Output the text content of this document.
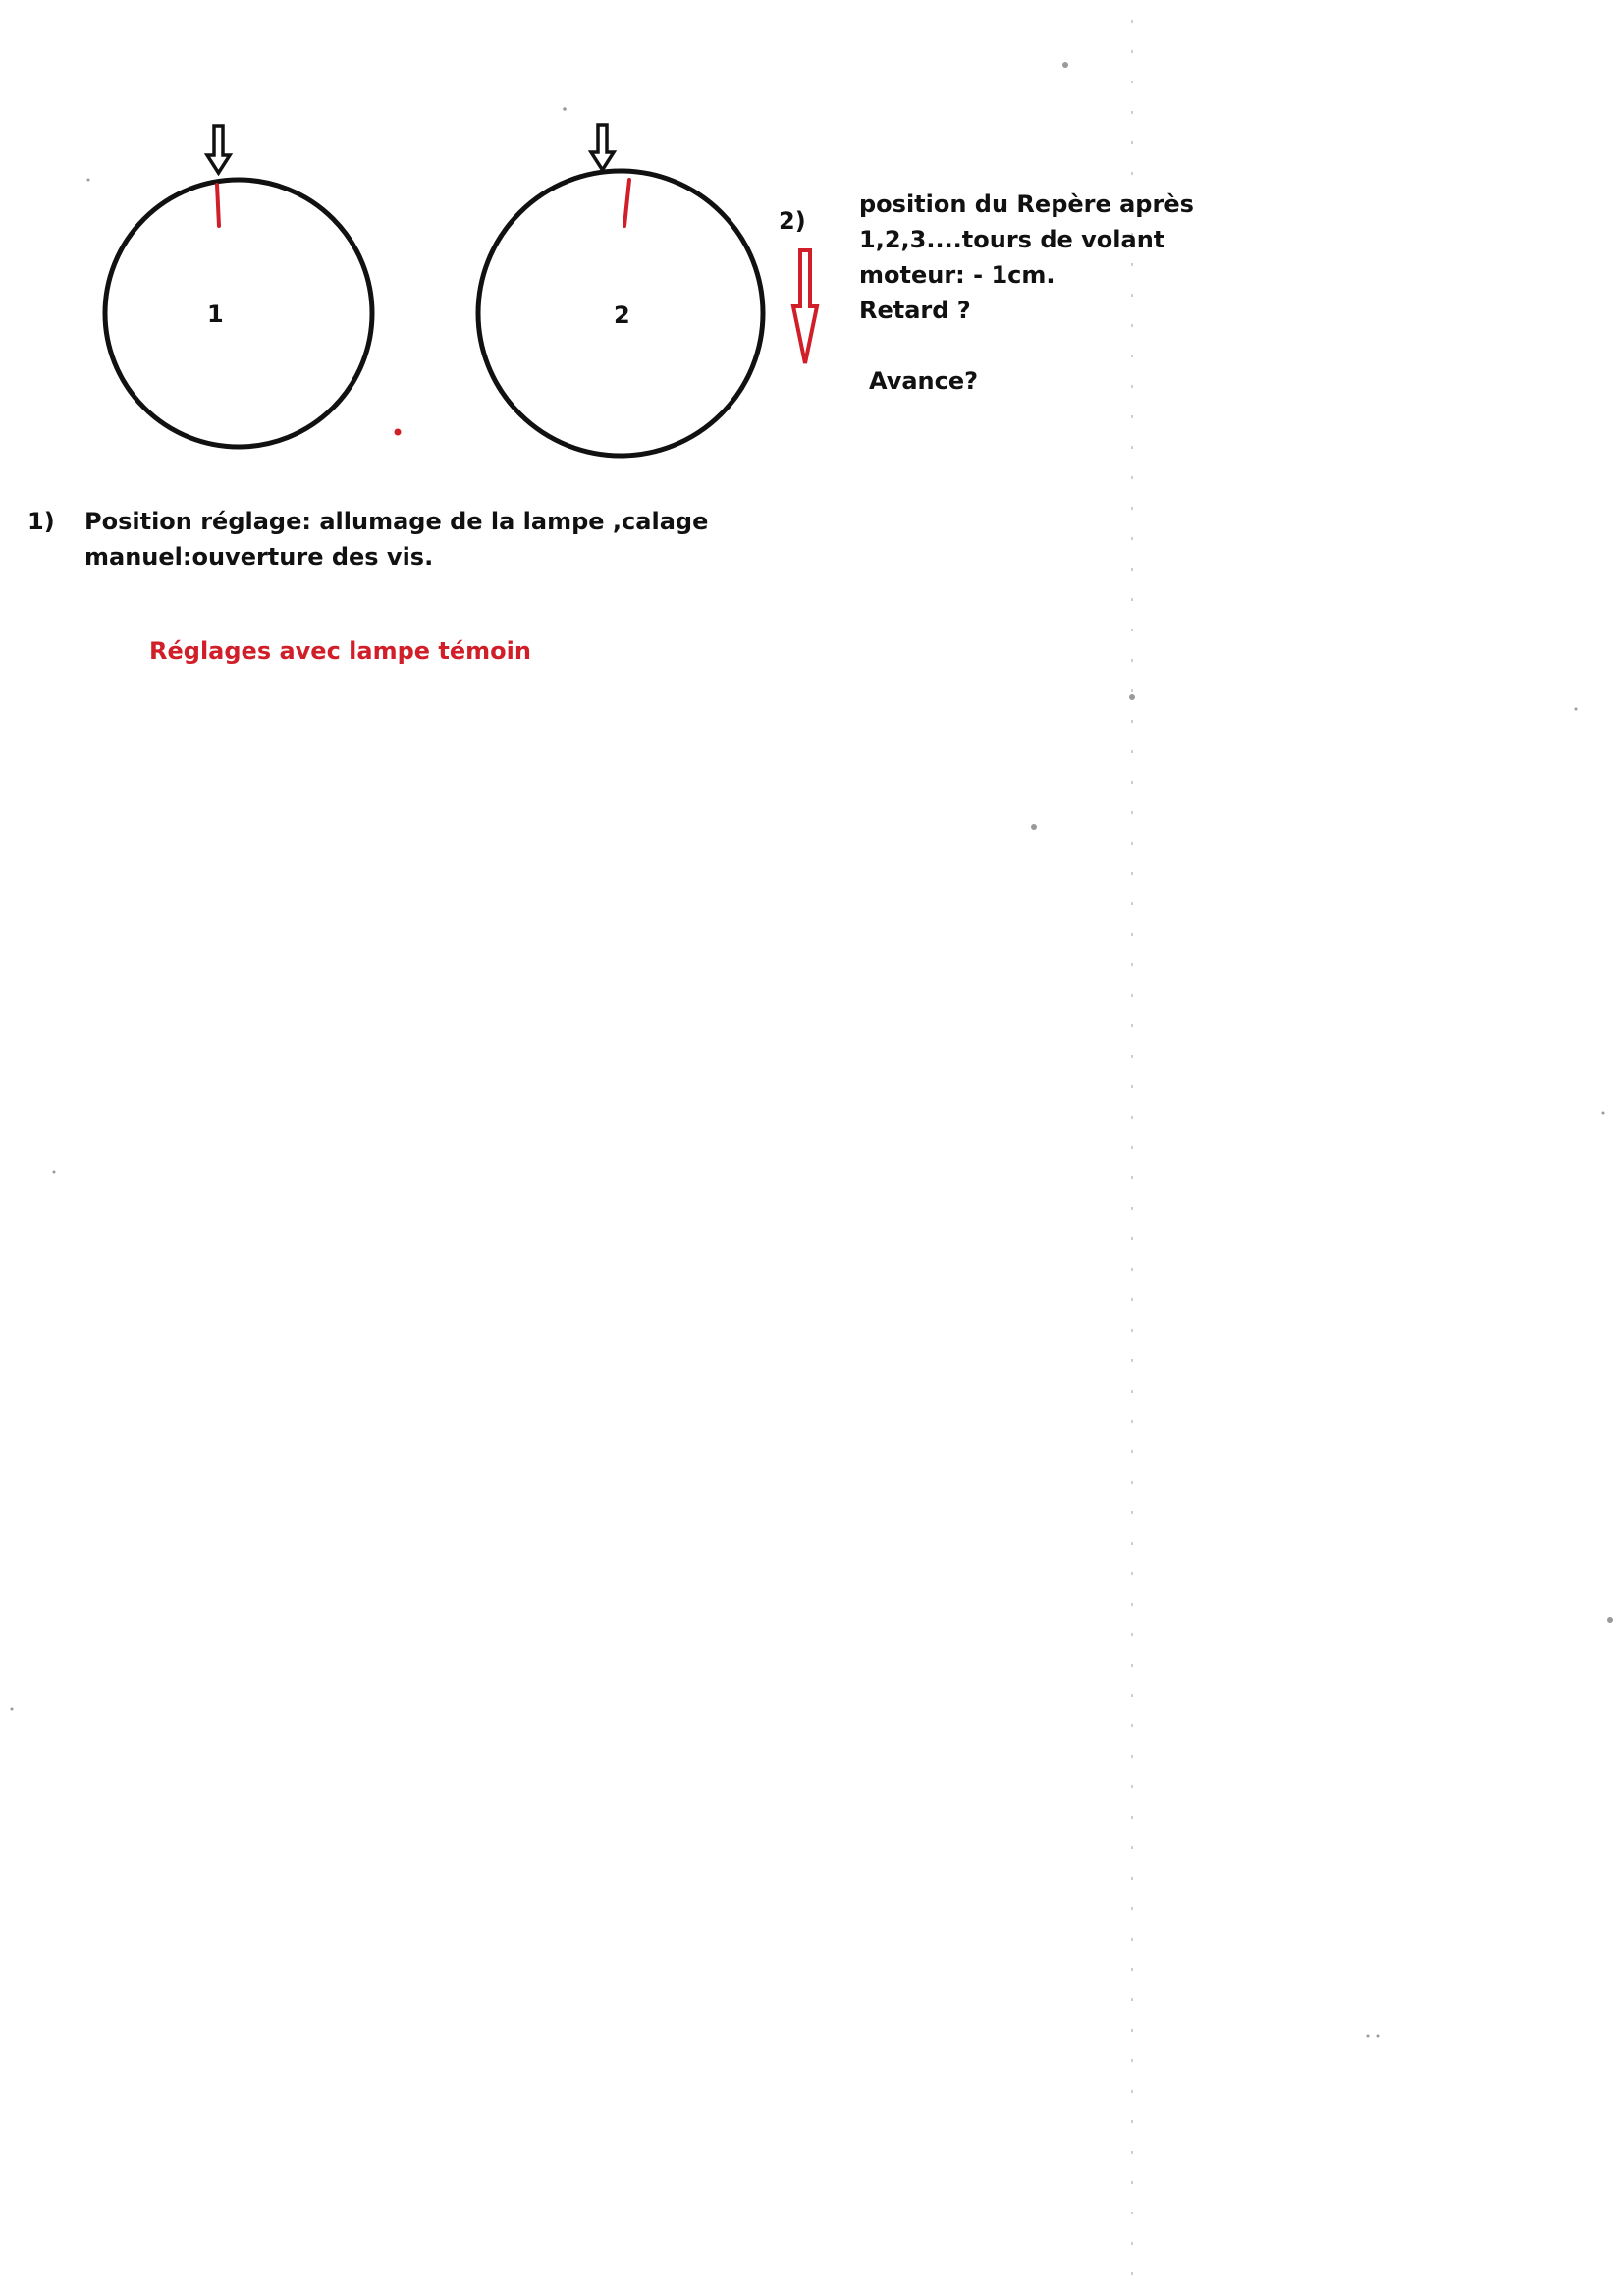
1	2
1) Position réglage: allumage de la lampe ,calage
manuel:ouverture des vis.
Réglages avec lampe témoin
2)
position du Repère après
1,2,3....tours de volant
moteur: - 1cm.
Retard ?
Avance?
